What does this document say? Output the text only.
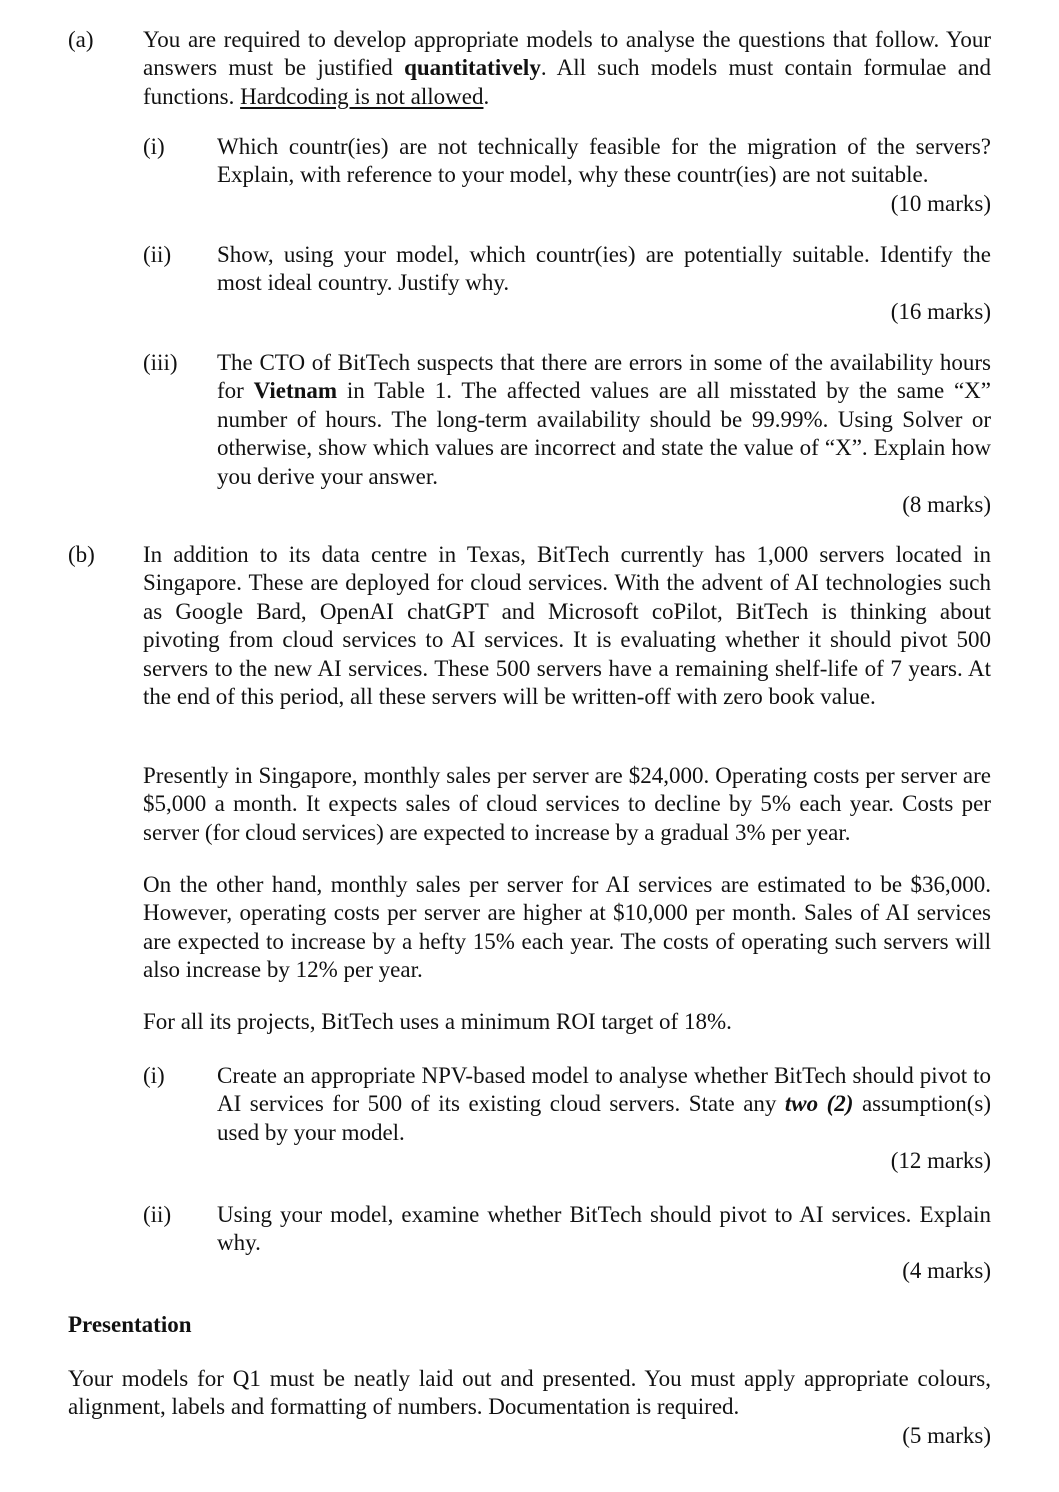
(a) You are required to develop appropriate models to analyse the questions that follow. Your answers must be justified quantitatively. All such models must contain formulae and functions. Hardcoding is not allowed.

(i) Which countr(ies) are not technically feasible for the migration of the servers? Explain, with reference to your model, why these countr(ies) are not suitable.

(10 marks)

(ii) Show, using your model, which countr(ies) are potentially suitable. Identify the most ideal country. Justify why.

(16 marks)

(iii) The CTO of BitTech suspects that there are errors in some of the availability hours for Vietnam in Table 1. The affected values are all misstated by the same “X” number of hours. The long-term availability should be 99.99%. Using Solver or otherwise, show which values are incorrect and state the value of “X”. Explain how you derive your answer.

(8 marks)

(b) In addition to its data centre in Texas, BitTech currently has 1,000 servers located in Singapore. These are deployed for cloud services. With the advent of AI technologies such as Google Bard, OpenAI chatGPT and Microsoft coPilot, BitTech is thinking about pivoting from cloud services to AI services. It is evaluating whether it should pivot 500 servers to the new AI services. These 500 servers have a remaining shelf-life of 7 years. At the end of this period, all these servers will be written-off with zero book value.

Presently in Singapore, monthly sales per server are $24,000. Operating costs per server are $5,000 a month. It expects sales of cloud services to decline by 5% each year. Costs per server (for cloud services) are expected to increase by a gradual 3% per year.

On the other hand, monthly sales per server for AI services are estimated to be $36,000. However, operating costs per server are higher at $10,000 per month. Sales of AI services are expected to increase by a hefty 15% each year. The costs of operating such servers will also increase by 12% per year.

For all its projects, BitTech uses a minimum ROI target of 18%.

(i) Create an appropriate NPV-based model to analyse whether BitTech should pivot to AI services for 500 of its existing cloud servers. State any two (2) assumption(s) used by your model.

(12 marks)

(ii) Using your model, examine whether BitTech should pivot to AI services. Explain why.

(4 marks)

Presentation

Your models for Q1 must be neatly laid out and presented. You must apply appropriate colours, alignment, labels and formatting of numbers. Documentation is required.

(5 marks)
